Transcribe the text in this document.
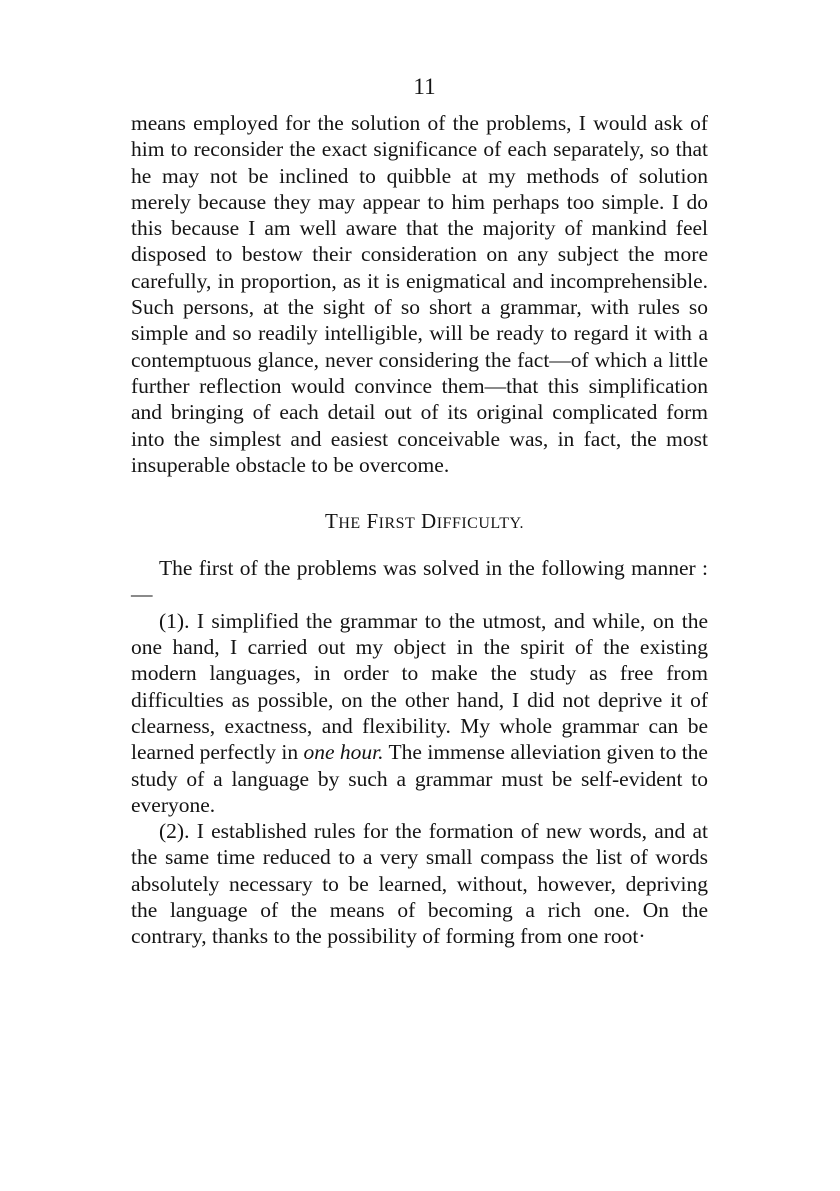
11

means employed for the solution of the problems, I would ask of him to reconsider the exact significance of each separately, so that he may not be inclined to quibble at my methods of solution merely because they may appear to him perhaps too simple. I do this because I am well aware that the majority of mankind feel disposed to bestow their consideration on any subject the more carefully, in proportion, as it is enigmatical and incomprehensible. Such persons, at the sight of so short a grammar, with rules so simple and so readily intelligible, will be ready to regard it with a contemptuous glance, never considering the fact—of which a little further reflection would convince them—that this simplification and bringing of each detail out of its original complicated form into the simplest and easiest conceivable was, in fact, the most insuperable obstacle to be overcome.

THE FIRST DIFFICULTY.

The first of the problems was solved in the following manner :—

(1). I simplified the grammar to the utmost, and while, on the one hand, I carried out my object in the spirit of the existing modern languages, in order to make the study as free from difficulties as possible, on the other hand, I did not deprive it of clearness, exactness, and flexibility. My whole grammar can be learned perfectly in one hour. The immense alleviation given to the study of a language by such a grammar must be self-evident to everyone.

(2). I established rules for the formation of new words, and at the same time reduced to a very small compass the list of words absolutely necessary to be learned, without, however, depriving the language of the means of becoming a rich one. On the contrary, thanks to the possibility of forming from one root·
